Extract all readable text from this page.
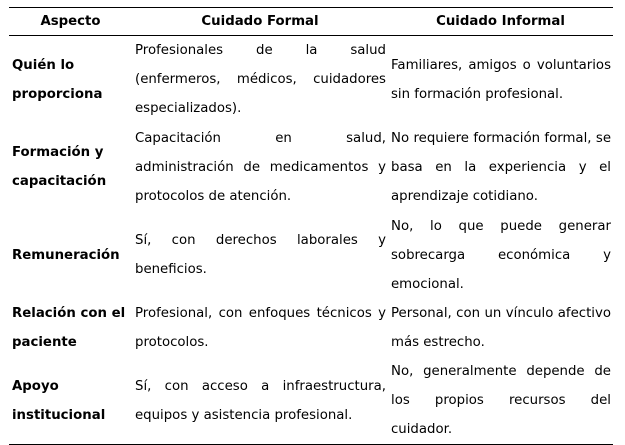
Aspecto	Cuidado Formal	Cuidado Informal
Quién lo proporciona	Profesionales de la salud (enfermeros, médicos, cuidadores especializados).	Familiares, amigos o voluntarios sin formación profesional.
Formación y capacitación	Capacitación en salud, administración de medicamentos y protocolos de atención.	No requiere formación formal, se basa en la experiencia y el aprendizaje cotidiano.
Remuneración	Sí, con derechos laborales y beneficios.	No, lo que puede generar sobrecarga económica y emocional.
Relación con el paciente	Profesional, con enfoques técnicos y protocolos.	Personal, con un vínculo afectivo más estrecho.
Apoyo institucional	Sí, con acceso a infraestructura, equipos y asistencia profesional.	No, generalmente depende de los propios recursos del cuidador.
